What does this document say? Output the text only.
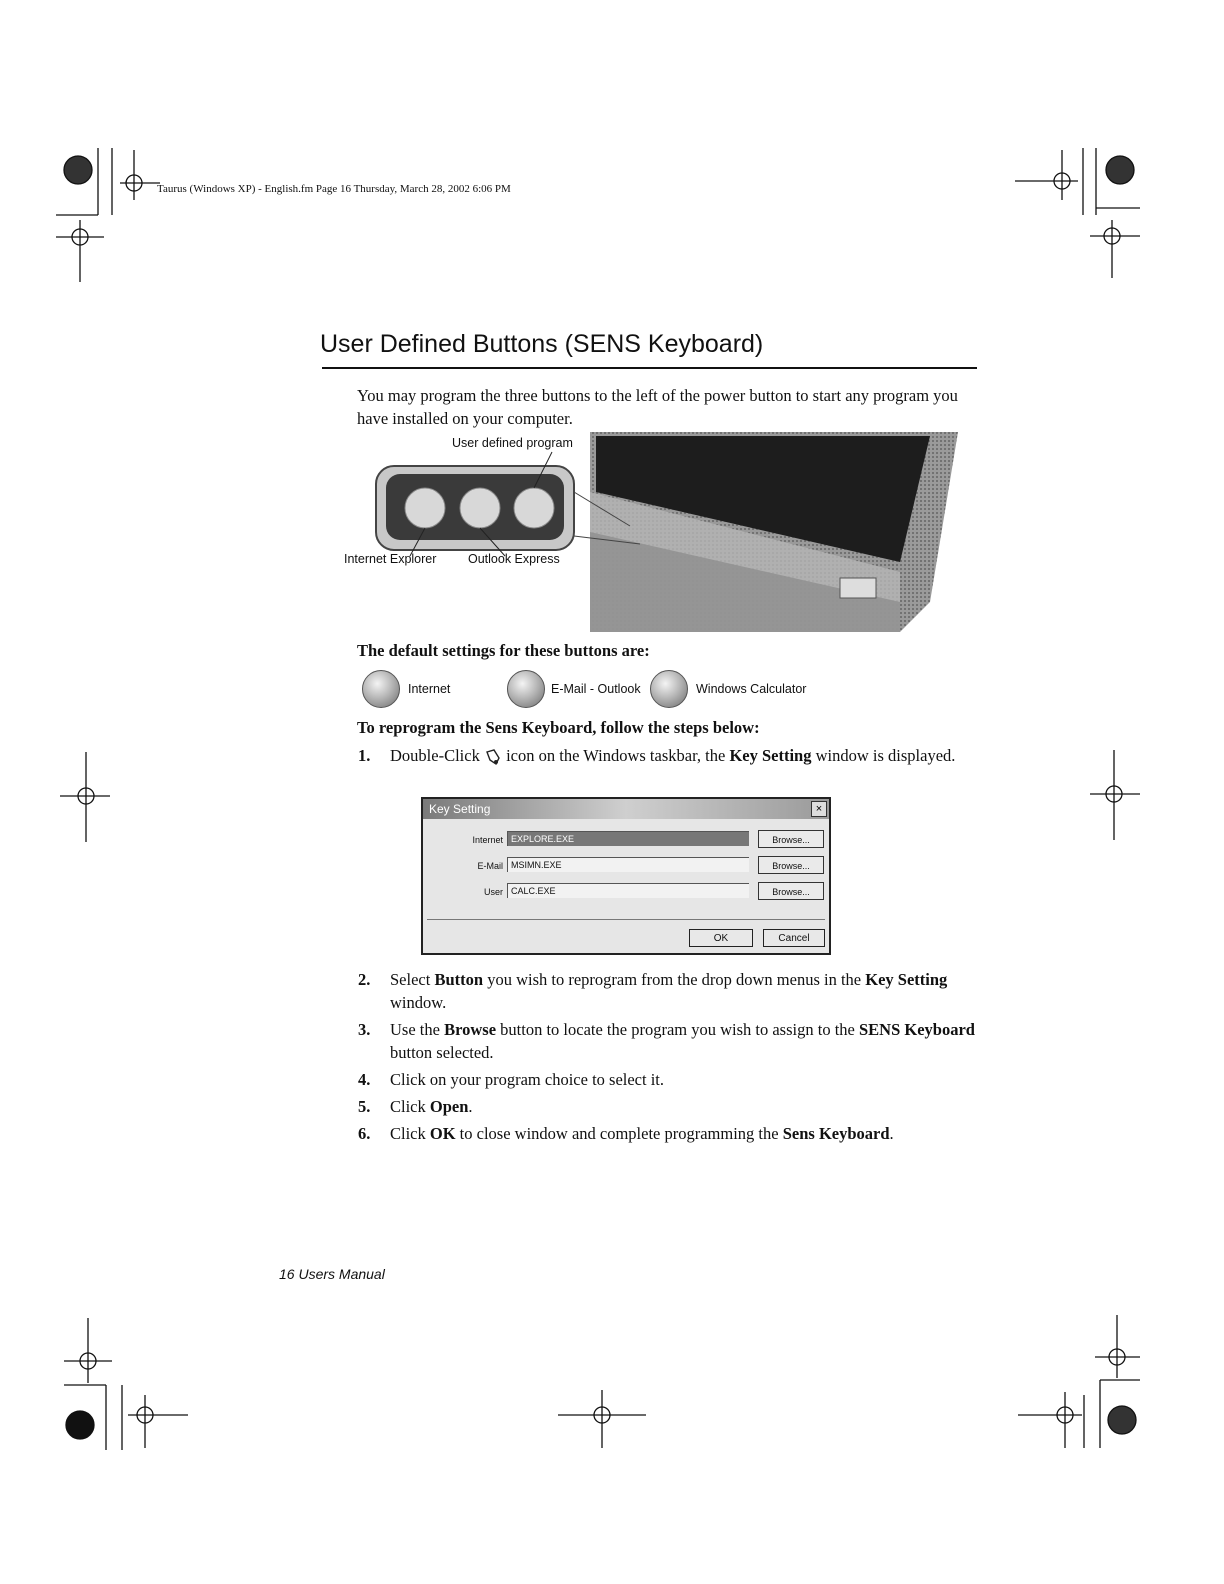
Taurus (Windows XP) - English.fm Page 16 Thursday, March 28, 2002 6:06 PM
User Defined Buttons (SENS Keyboard)
You may program the three buttons to the left of the power button to start any program you have installed on your computer.
User defined program
Internet Explorer	Outlook Express
The default settings for these buttons are:
Internet	E-Mail - Outlook	Windows Calculator
To reprogram the Sens Keyboard, follow the steps below:
1.	Double-Click icon on the Windows taskbar, the Key Setting window is displayed.
Key Setting	×
Internet EXPLORE.EXE	Browse...
E-Mail MSIMN.EXE	Browse...
User CALC.EXE	Browse...
OK	Cancel
2.	Select Button you wish to reprogram from the drop down menus in the Key Setting window.
3.	Use the Browse button to locate the program you wish to assign to the SENS Keyboard button selected.
4.	Click on your program choice to select it.
5.	Click Open.
6.	Click OK to close window and complete programming the Sens Keyboard.
16 Users Manual
